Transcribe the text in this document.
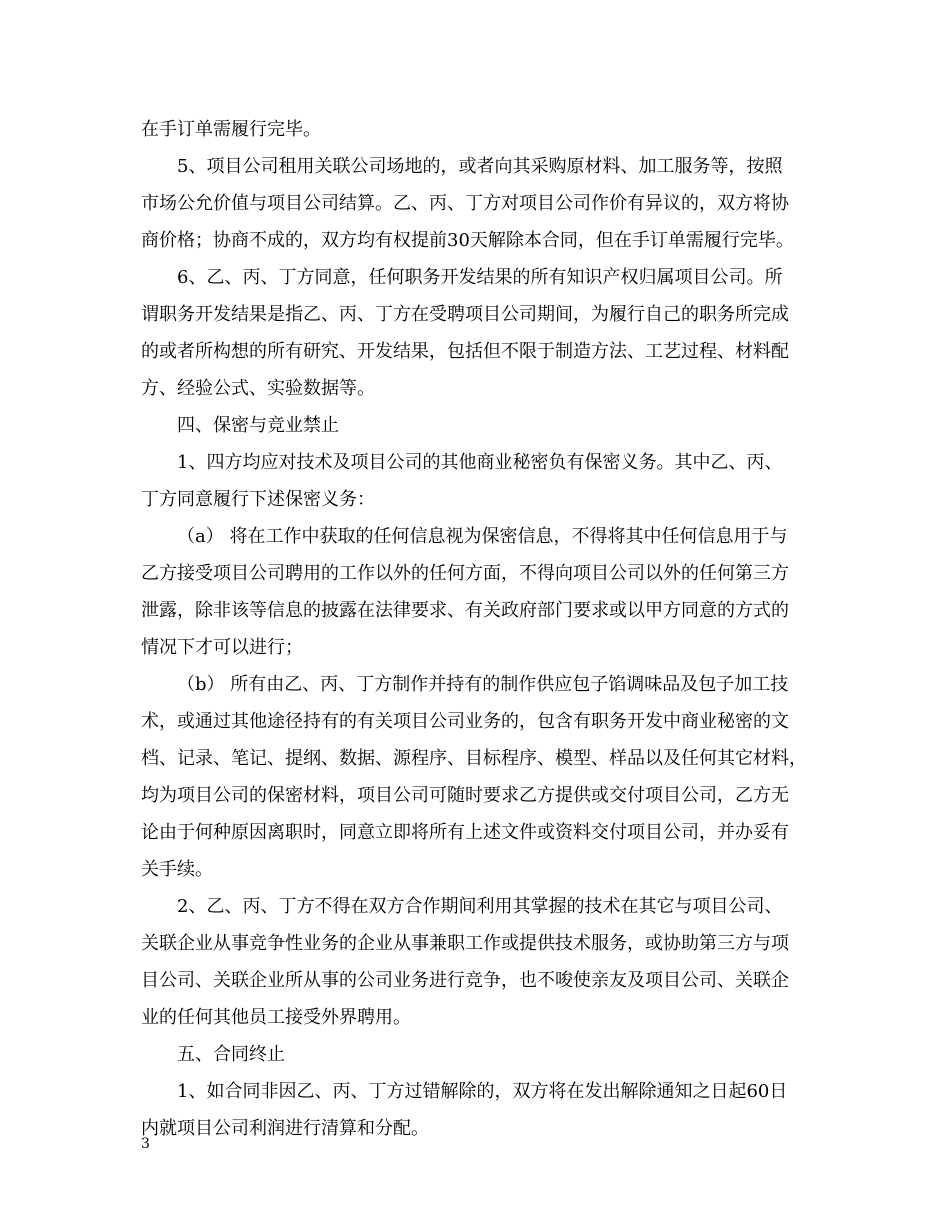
在手订单需履行完毕。
5、项目公司租用关联公司场地的，或者向其采购原材料、加工服务等，按照
市场公允价值与项目公司结算。乙、丙、丁方对项目公司作价有异议的，双方将协
商价格；协商不成的，双方均有权提前30天解除本合同，但在手订单需履行完毕。
6、乙、丙、丁方同意，任何职务开发结果的所有知识产权归属项目公司。所
谓职务开发结果是指乙、丙、丁方在受聘项目公司期间，为履行自己的职务所完成
的或者所构想的所有研究、开发结果，包括但不限于制造方法、工艺过程、材料配
方、经验公式、实验数据等。
四、保密与竞业禁止
1、四方均应对技术及项目公司的其他商业秘密负有保密义务。其中乙、丙、
丁方同意履行下述保密义务：
（a） 将在工作中获取的任何信息视为保密信息，不得将其中任何信息用于与
乙方接受项目公司聘用的工作以外的任何方面，不得向项目公司以外的任何第三方
泄露，除非该等信息的披露在法律要求、有关政府部门要求或以甲方同意的方式的
情况下才可以进行；
（b） 所有由乙、丙、丁方制作并持有的制作供应包子馅调味品及包子加工技
术，或通过其他途径持有的有关项目公司业务的，包含有职务开发中商业秘密的文
档、记录、笔记、提纲、数据、源程序、目标程序、模型、样品以及任何其它材料，
均为项目公司的保密材料，项目公司可随时要求乙方提供或交付项目公司，乙方无
论由于何种原因离职时，同意立即将所有上述文件或资料交付项目公司，并办妥有
关手续。
2、乙、丙、丁方不得在双方合作期间利用其掌握的技术在其它与项目公司、
关联企业从事竞争性业务的企业从事兼职工作或提供技术服务，或协助第三方与项
目公司、关联企业所从事的公司业务进行竞争，也不唆使亲友及项目公司、关联企
业的任何其他员工接受外界聘用。
五、合同终止
1、如合同非因乙、丙、丁方过错解除的，双方将在发出解除通知之日起60日
内就项目公司利润进行清算和分配。
3
